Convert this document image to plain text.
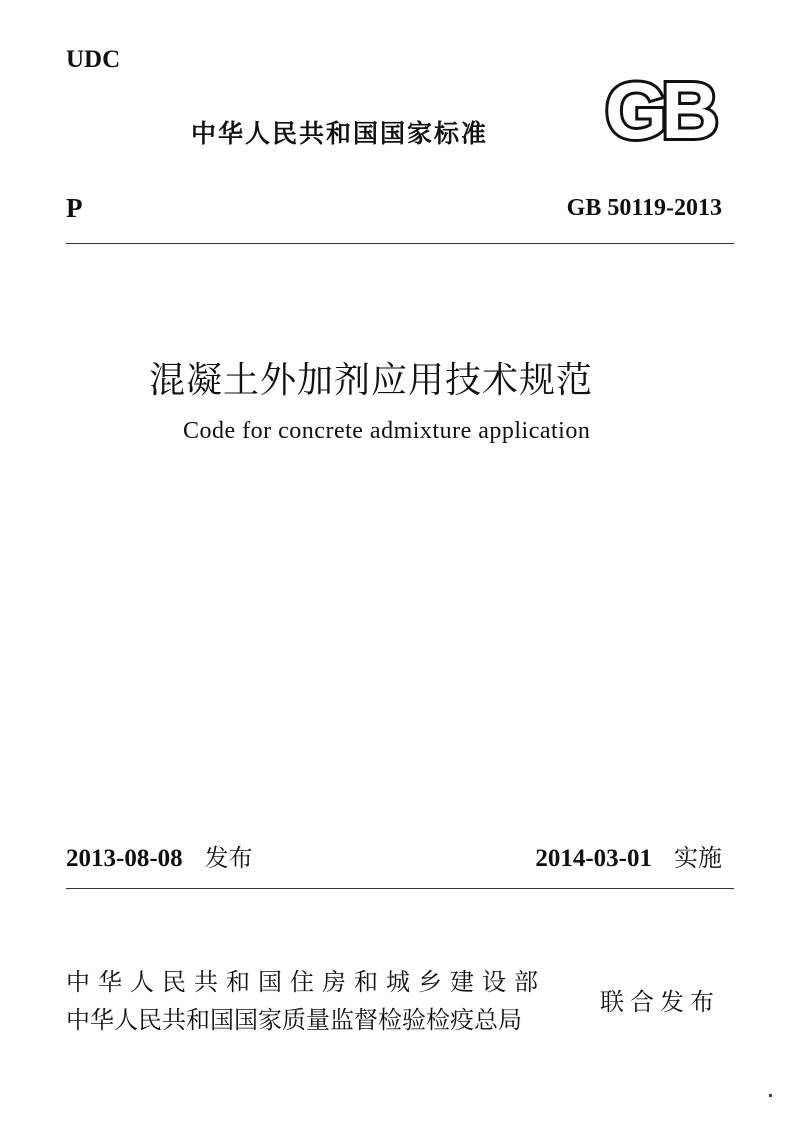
UDC
中华人民共和国国家标准 GB
P	GB 50119-2013
混凝土外加剂应用技术规范
Code for concrete admixture application
2013-08-08 发布	2014-03-01 实施
中华人民共和国住房和城乡建设部
中华人民共和国国家质量监督检验检疫总局
联合发布
